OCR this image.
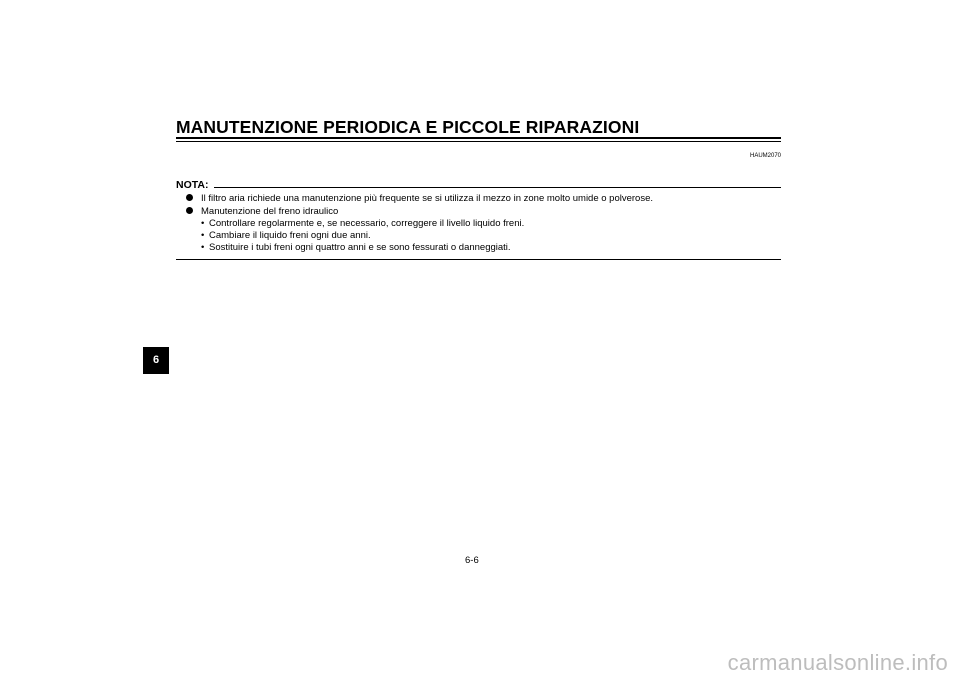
MANUTENZIONE PERIODICA E PICCOLE RIPARAZIONI
HAUM2070
NOTA:
Il filtro aria richiede una manutenzione più frequente se si utilizza il mezzo in zone molto umide o polverose.
Manutenzione del freno idraulico
• Controllare regolarmente e, se necessario, correggere il livello liquido freni.
• Cambiare il liquido freni ogni due anni.
• Sostituire i tubi freni ogni quattro anni e se sono fessurati o danneggiati.
6
6-6
carmanualsonline.info
